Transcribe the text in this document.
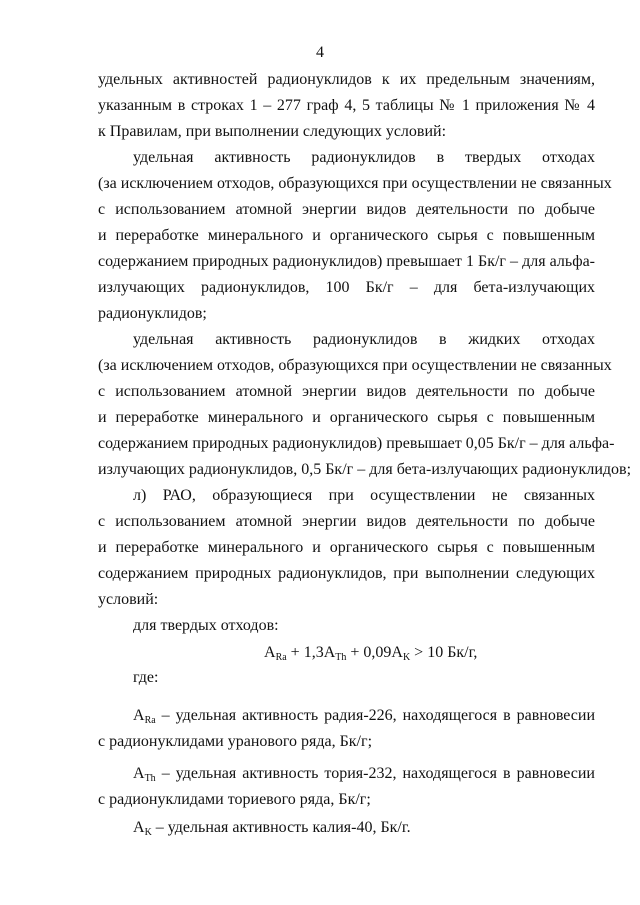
4
удельных активностей радионуклидов к их предельным значениям,
указанным в строках 1 – 277 граф 4, 5 таблицы № 1 приложения № 4
к Правилам, при выполнении следующих условий:
удельная активность радионуклидов в твердых отходах
(за исключением отходов, образующихся при осуществлении не связанных
с использованием атомной энергии видов деятельности по добыче
и переработке минерального и органического сырья с повышенным
содержанием природных радионуклидов) превышает 1 Бк/г – для альфа-
излучающих радионуклидов, 100 Бк/г – для бета-излучающих
радионуклидов;
удельная активность радионуклидов в жидких отходах
(за исключением отходов, образующихся при осуществлении не связанных
с использованием атомной энергии видов деятельности по добыче
и переработке минерального и органического сырья с повышенным
содержанием природных радионуклидов) превышает 0,05 Бк/г – для альфа-
излучающих радионуклидов, 0,5 Бк/г – для бета-излучающих радионуклидов;
л) РАО, образующиеся при осуществлении не связанных
с использованием атомной энергии видов деятельности по добыче
и переработке минерального и органического сырья с повышенным
содержанием природных радионуклидов, при выполнении следующих
условий:
для твердых отходов:
$A_{Ra} + 1,3A_{Th} + 0,09A_K > 10$ Бк/г,
где:
$A_{Ra}$ – удельная активность радия-226, находящегося в равновесии
с радионуклидами уранового ряда, Бк/г;
$A_{Th}$ – удельная активность тория-232, находящегося в равновесии
с радионуклидами ториевого ряда, Бк/г;
$A_K$ – удельная активность калия-40, Бк/г.
